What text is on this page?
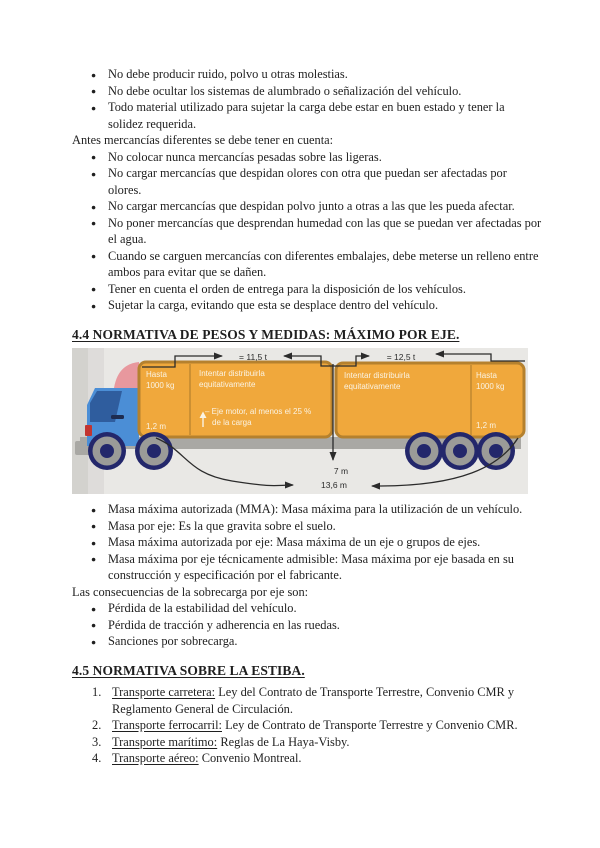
● No debe producir ruido, polvo u otras molestias.
● No debe ocultar los sistemas de alumbrado o señalización del vehículo.
● Todo material utilizado para sujetar la carga debe estar en buen estado y tener la solidez requerida.

Antes mercancías diferentes se debe tener en cuenta:

● No colocar nunca mercancías pesadas sobre las ligeras.
● No cargar mercancías que despidan olores con otra que puedan ser afectadas por olores.
● No cargar mercancías que despidan polvo junto a otras a las que les pueda afectar.
● No poner mercancías que desprendan humedad con las que se puedan ver afectadas por el agua.
● Cuando se carguen mercancías con diferentes embalajes, debe meterse un relleno entre ambos para evitar que se dañen.
● Tener en cuenta el orden de entrega para la disposición de los vehículos.
● Sujetar la carga, evitando que esta se desplace dentro del vehículo.
4.4 NORMATIVA DE PESOS Y MEDIDAS: MÁXIMO POR EJE.
Hasta
1000 kg
1,2 m
Intentar distribuirla
equitativamente
– Eje motor, al menos el 25 %
de la carga
Intentar distribuirla
equitativamente
Hasta
1000 kg
1,2 m
= 11,5 t	= 12,5 t
7 m
13,6 m
● Masa máxima autorizada (MMA): Masa máxima para la utilización de un vehículo.
● Masa por eje: Es la que gravita sobre el suelo.
● Masa máxima autorizada por eje: Masa máxima de un eje o grupos de ejes.
● Masa máxima por eje técnicamente admisible: Masa máxima por eje basada en su construcción y especificación por el fabricante.

Las consecuencias de la sobrecarga por eje son:

● Pérdida de la estabilidad del vehículo.
● Pérdida de tracción y adherencia en las ruedas.
● Sanciones por sobrecarga.
4.5 NORMATIVA SOBRE LA ESTIBA.
1. Transporte carretera: Ley del Contrato de Transporte Terrestre, Convenio CMR y Reglamento General de Circulación.
2. Transporte ferrocarril: Ley de Contrato de Transporte Terrestre y Convenio CMR.
3. Transporte marítimo: Reglas de La Haya-Visby.
4. Transporte aéreo: Convenio Montreal.
